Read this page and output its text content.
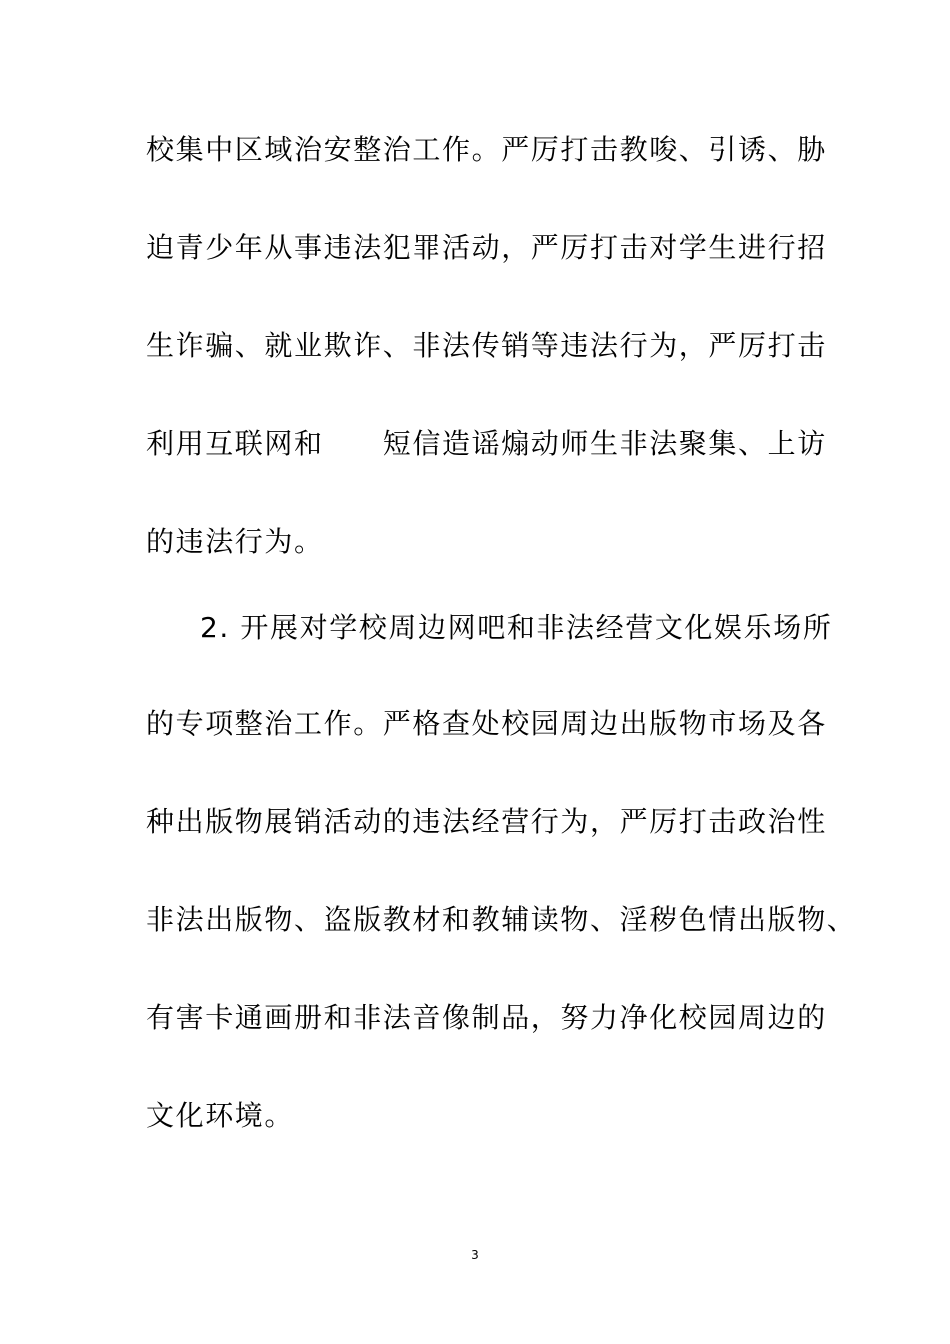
校集中区域治安整治工作。严厉打击教唆、引诱、胁
迫青少年从事违法犯罪活动，严厉打击对学生进行招
生诈骗、就业欺诈、非法传销等违法行为，严厉打击
利用互联网和　　短信造谣煽动师生非法聚集、上访
的违法行为。
2. 开展对学校周边网吧和非法经营文化娱乐场所
的专项整治工作。严格查处校园周边出版物市场及各
种出版物展销活动的违法经营行为，严厉打击政治性
非法出版物、盗版教材和教辅读物、淫秽色情出版物、
有害卡通画册和非法音像制品，努力净化校园周边的
文化环境。
3
